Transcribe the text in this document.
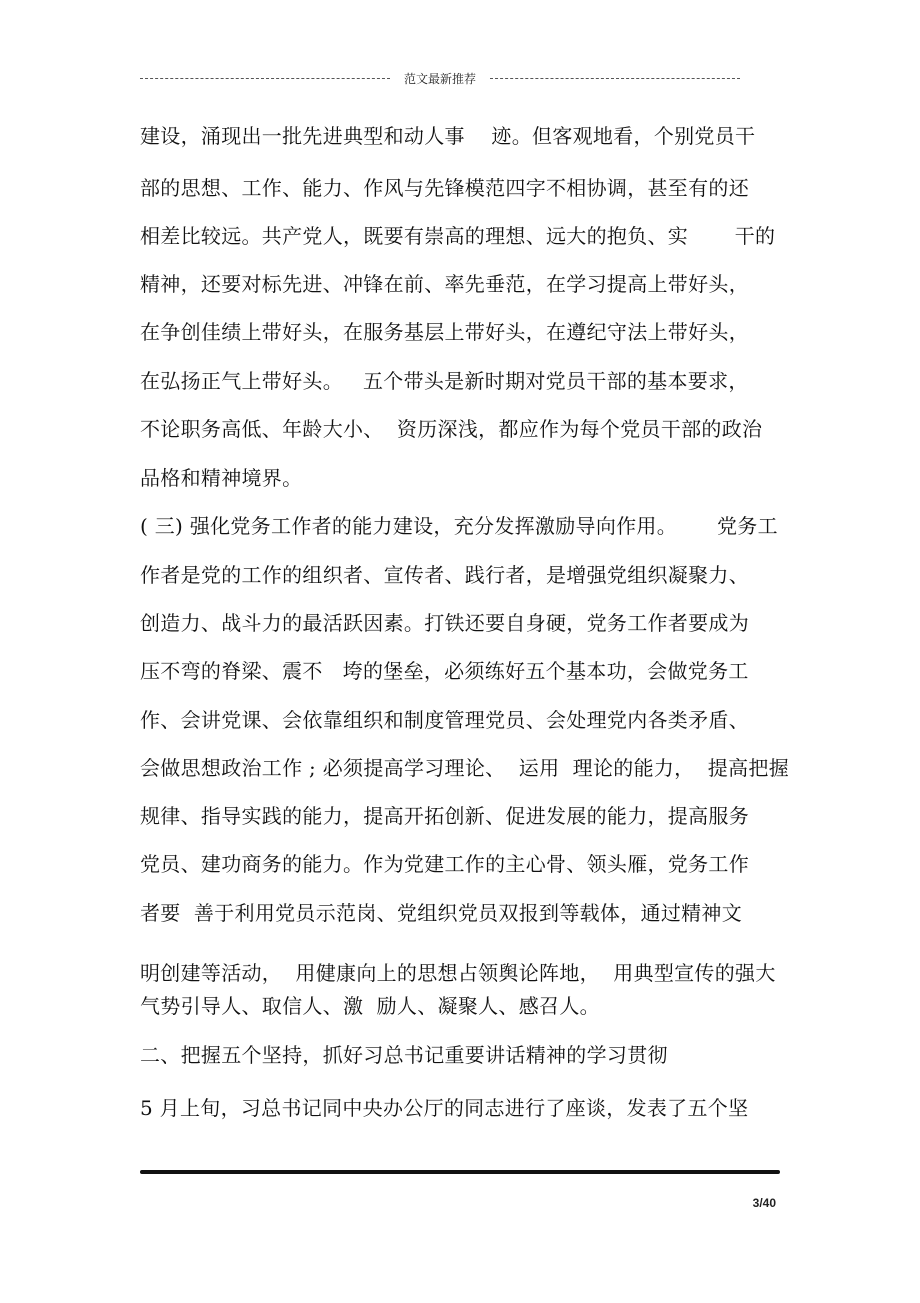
范文最新推荐
建设，涌现出一批先进典型和动人事    迹。但客观地看，个别党员干
部的思想、工作、能力、作风与先锋模范四字不相协调，甚至有的还
相差比较远。共产党人，既要有崇高的理想、远大的抱负、实       干的
精神，还要对标先进、冲锋在前、率先垂范，在学习提高上带好头，
在争创佳绩上带好头，在服务基层上带好头，在遵纪守法上带好头，
在弘扬正气上带好头。   五个带头是新时期对党员干部的基本要求，
不论职务高低、年龄大小、  资历深浅，都应作为每个党员干部的政治
品格和精神境界。
( 三) 强化党务工作者的能力建设，充分发挥激励导向作用。      党务工
作者是党的工作的组织者、宣传者、践行者，是增强党组织凝聚力、
创造力、战斗力的最活跃因素。打铁还要自身硬，党务工作者要成为
压不弯的脊梁、震不   垮的堡垒，必须练好五个基本功，会做党务工
作、会讲党课、会依靠组织和制度管理党员、会处理党内各类矛盾、
会做思想政治工作 ; 必须提高学习理论、  运用  理论的能力，  提高把握
规律、指导实践的能力，提高开拓创新、促进发展的能力，提高服务
党员、建功商务的能力。作为党建工作的主心骨、领头雁，党务工作
者要  善于利用党员示范岗、党组织党员双报到等载体，通过精神文
明创建等活动，  用健康向上的思想占领舆论阵地，  用典型宣传的强大
气势引导人、取信人、激  励人、凝聚人、感召人。
二、把握五个坚持，抓好习总书记重要讲话精神的学习贯彻
5 月上旬，习总书记同中央办公厅的同志进行了座谈，发表了五个坚
3/40
